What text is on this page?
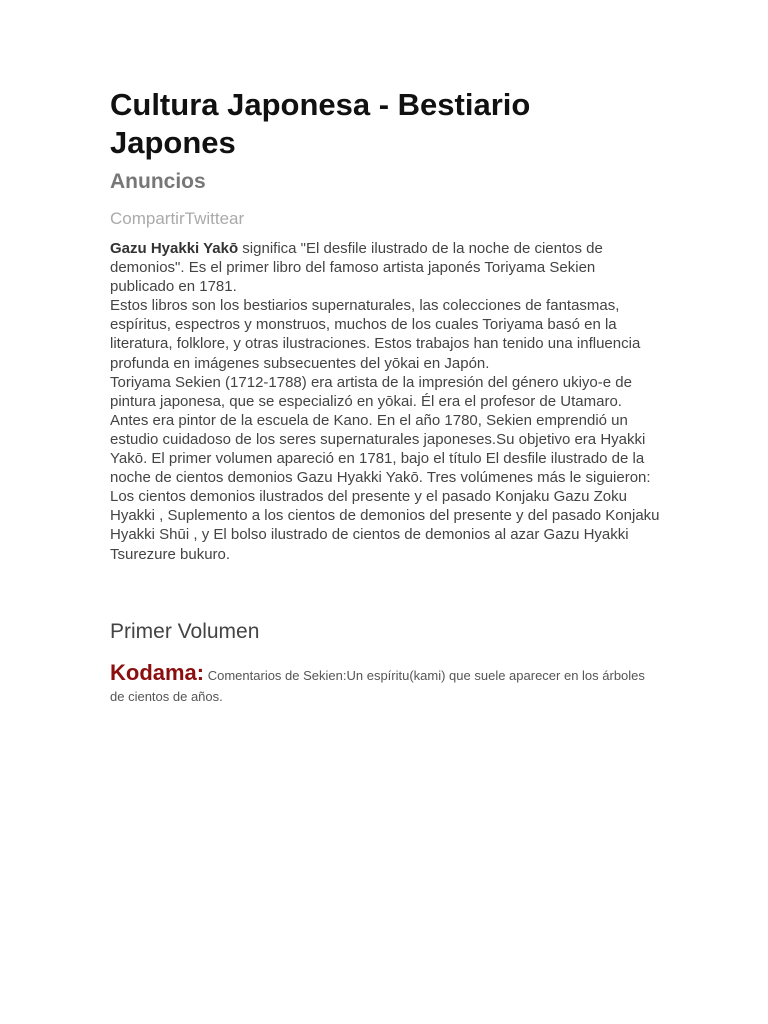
Cultura Japonesa - Bestiario Japones
Anuncios
CompartirTwittear

Gazu Hyakki Yakō significa "El desfile ilustrado de la noche de cientos de demonios". Es el primer libro del famoso artista japonés Toriyama Sekien publicado en 1781.

Estos libros son los bestiarios supernaturales, las colecciones de fantasmas, espíritus, espectros y monstruos, muchos de los cuales Toriyama basó en la literatura, folklore, y otras ilustraciones. Estos trabajos han tenido una influencia profunda en imágenes subsecuentes del yōkai en Japón.

Toriyama Sekien (1712-1788) era artista de la impresión del género ukiyo-e de pintura japonesa, que se especializó en yōkai. Él era el profesor de Utamaro. Antes era pintor de la escuela de Kano. En el año 1780, Sekien emprendió un estudio cuidadoso de los seres supernaturales japoneses.Su objetivo era Hyakki Yakō. El primer volumen apareció en 1781, bajo el título El desfile ilustrado de la noche de cientos demonios Gazu Hyakki Yakō. Tres volúmenes más le siguieron: Los cientos demonios ilustrados del presente y el pasado Konjaku Gazu Zoku Hyakki , Suplemento a los cientos de demonios del presente y del pasado Konjaku Hyakki Shūi , y El bolso ilustrado de cientos de demonios al azar Gazu Hyakki Tsurezure bukuro.

Primer Volumen
Kodama: Comentarios de Sekien:Un espíritu(kami) que suele aparecer en los árboles de cientos de años.
